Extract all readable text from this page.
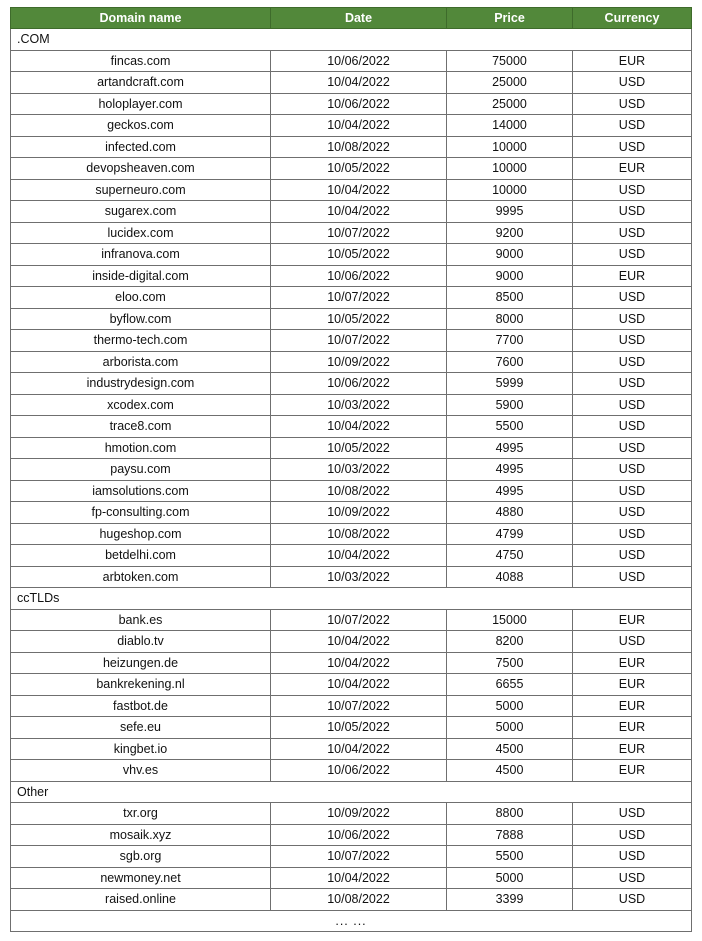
Domain name	Date	Price	Currency
.COM			
fincas.com	10/06/2022	75000	EUR
artandcraft.com	10/04/2022	25000	USD
holoplayer.com	10/06/2022	25000	USD
geckos.com	10/04/2022	14000	USD
infected.com	10/08/2022	10000	USD
devopsheaven.com	10/05/2022	10000	EUR
superneuro.com	10/04/2022	10000	USD
sugarex.com	10/04/2022	9995	USD
lucidex.com	10/07/2022	9200	USD
infranova.com	10/05/2022	9000	USD
inside-digital.com	10/06/2022	9000	EUR
eloo.com	10/07/2022	8500	USD
byflow.com	10/05/2022	8000	USD
thermo-tech.com	10/07/2022	7700	USD
arborista.com	10/09/2022	7600	USD
industrydesign.com	10/06/2022	5999	USD
xcodex.com	10/03/2022	5900	USD
trace8.com	10/04/2022	5500	USD
hmotion.com	10/05/2022	4995	USD
paysu.com	10/03/2022	4995	USD
iamsolutions.com	10/08/2022	4995	USD
fp-consulting.com	10/09/2022	4880	USD
hugeshop.com	10/08/2022	4799	USD
betdelhi.com	10/04/2022	4750	USD
arbtoken.com	10/03/2022	4088	USD
ccTLDs			
bank.es	10/07/2022	15000	EUR
diablo.tv	10/04/2022	8200	USD
heizungen.de	10/04/2022	7500	EUR
bankrekening.nl	10/04/2022	6655	EUR
fastbot.de	10/07/2022	5000	EUR
sefe.eu	10/05/2022	5000	EUR
kingbet.io	10/04/2022	4500	EUR
vhv.es	10/06/2022	4500	EUR
Other			
txr.org	10/09/2022	8800	USD
mosaik.xyz	10/06/2022	7888	USD
sgb.org	10/07/2022	5500	USD
newmoney.net	10/04/2022	5000	USD
raised.online	10/08/2022	3399	USD
... ...			
